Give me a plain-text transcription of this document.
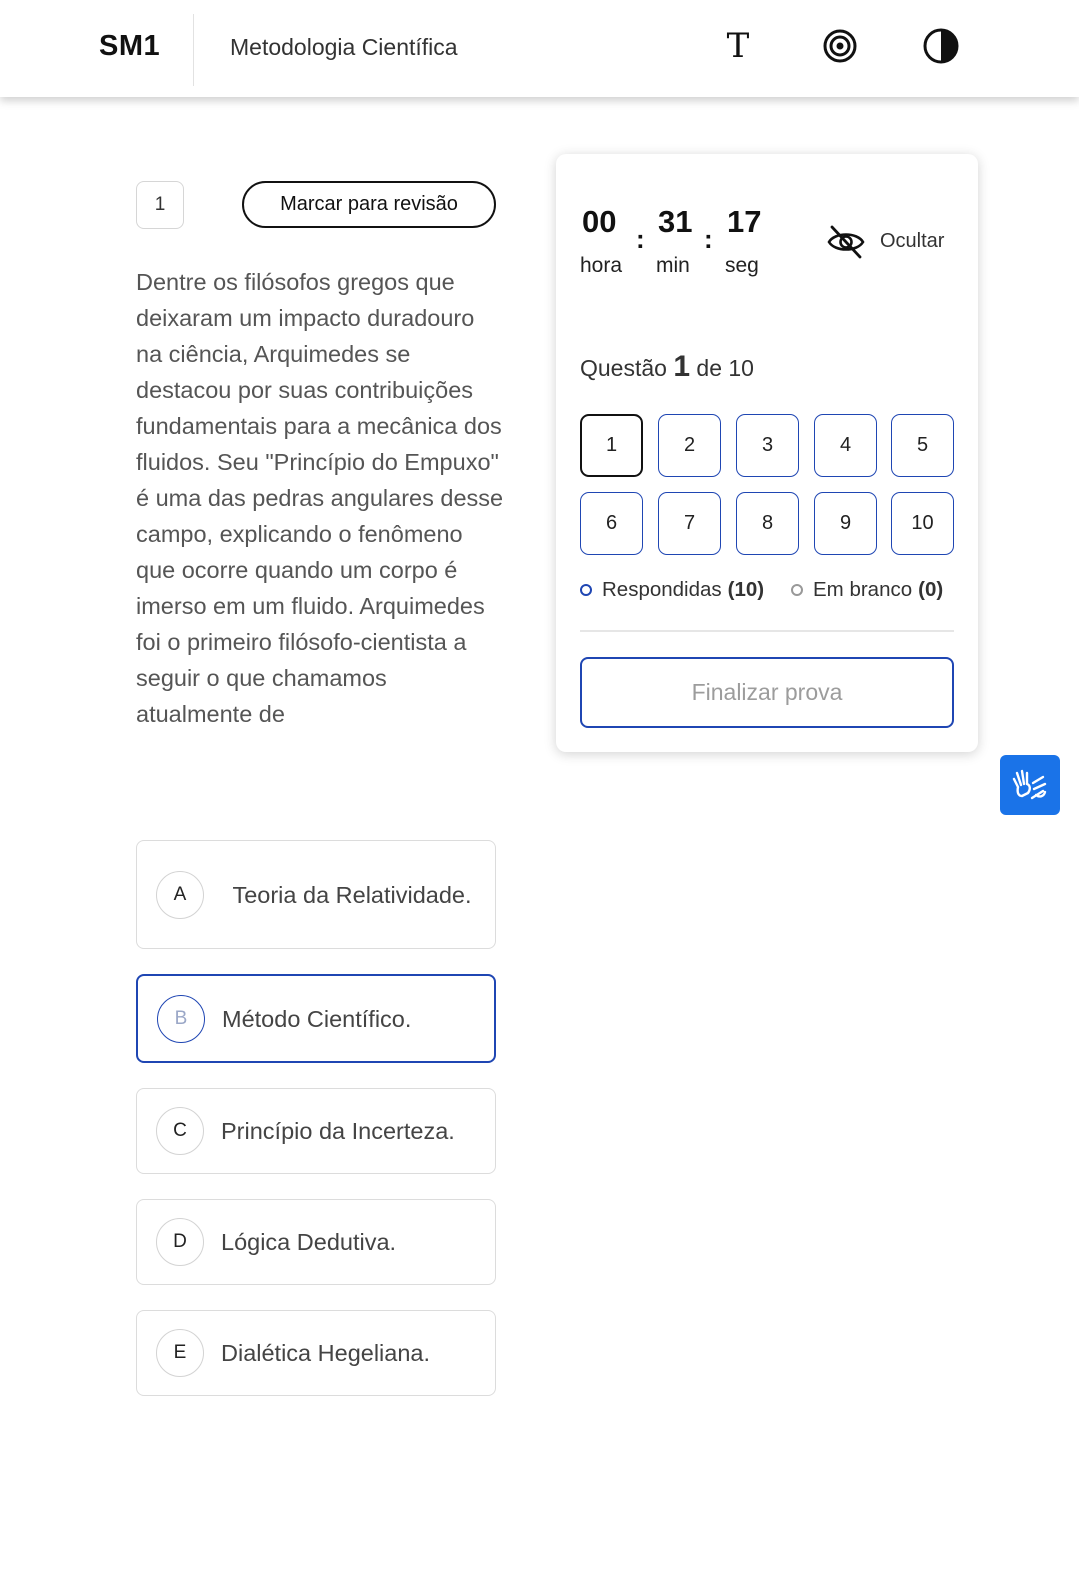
SM1	Metodologia Científica	T
1	Marcar para revisão
Dentre os filósofos gregos que deixaram um impacto duradouro na ciência, Arquimedes se destacou por suas contribuições fundamentais para a mecânica dos fluidos. Seu "Princípio do Empuxo" é uma das pedras angulares desse campo, explicando o fenômeno que ocorre quando um corpo é imerso em um fluido. Arquimedes foi o primeiro filósofo-cientista a seguir o que chamamos atualmente de
A	Teoria da Relatividade.
B	Método Científico.
C	Princípio da Incerteza.
D	Lógica Dedutiva.
E	Dialética Hegeliana.
00 : 31 : 17
hora min seg
Ocultar
Questão 1 de 10
1	2	3	4	5
6	7	8	9	10
Respondidas (10) Em branco (0)
Finalizar prova
